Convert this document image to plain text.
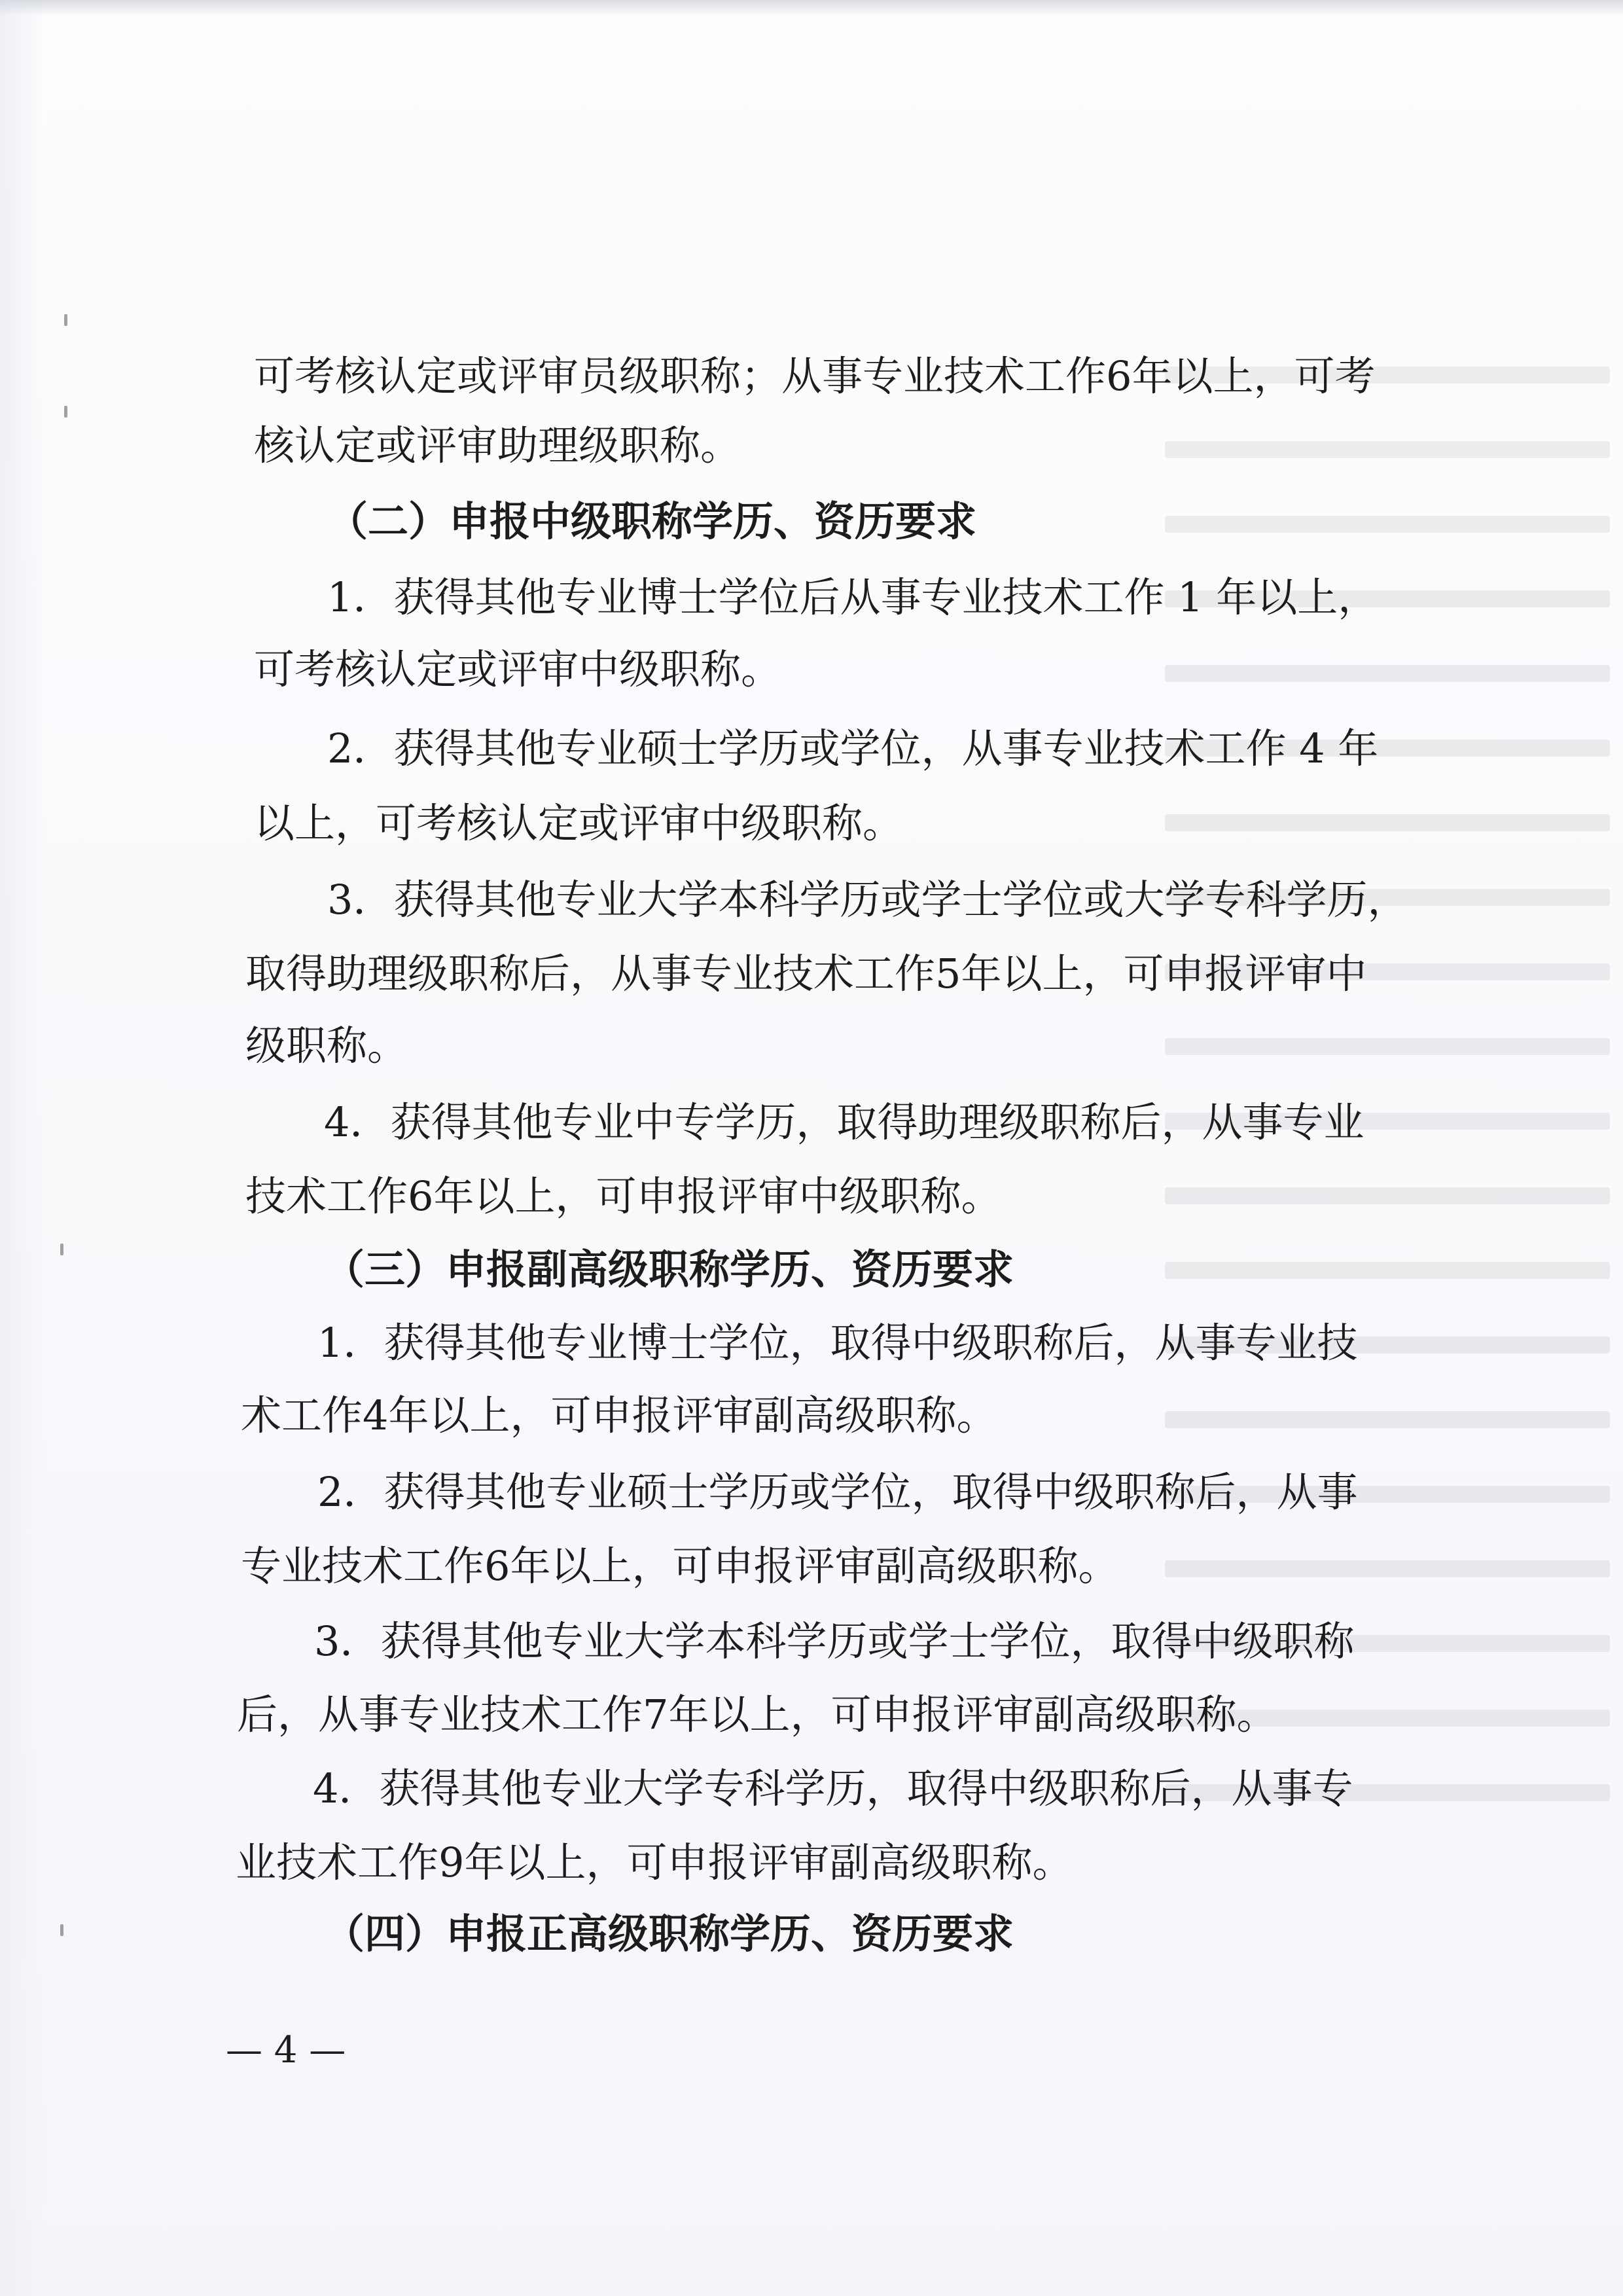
可考核认定或评审员级职称；从事专业技术工作6年以上，可考
核认定或评审助理级职称。
（二）申报中级职称学历、资历要求
1．获得其他专业博士学位后从事专业技术工作 1 年以上，
可考核认定或评审中级职称。
2．获得其他专业硕士学历或学位，从事专业技术工作 4 年
以上，可考核认定或评审中级职称。
3．获得其他专业大学本科学历或学士学位或大学专科学历，
取得助理级职称后，从事专业技术工作5年以上，可申报评审中
级职称。
4．获得其他专业中专学历，取得助理级职称后，从事专业
技术工作6年以上，可申报评审中级职称。
（三）申报副高级职称学历、资历要求
1．获得其他专业博士学位，取得中级职称后，从事专业技
术工作4年以上，可申报评审副高级职称。
2．获得其他专业硕士学历或学位，取得中级职称后，从事
专业技术工作6年以上，可申报评审副高级职称。
3．获得其他专业大学本科学历或学士学位，取得中级职称
后，从事专业技术工作7年以上，可申报评审副高级职称。
4．获得其他专业大学专科学历，取得中级职称后，从事专
业技术工作9年以上，可申报评审副高级职称。
（四）申报正高级职称学历、资历要求
— 4 —
